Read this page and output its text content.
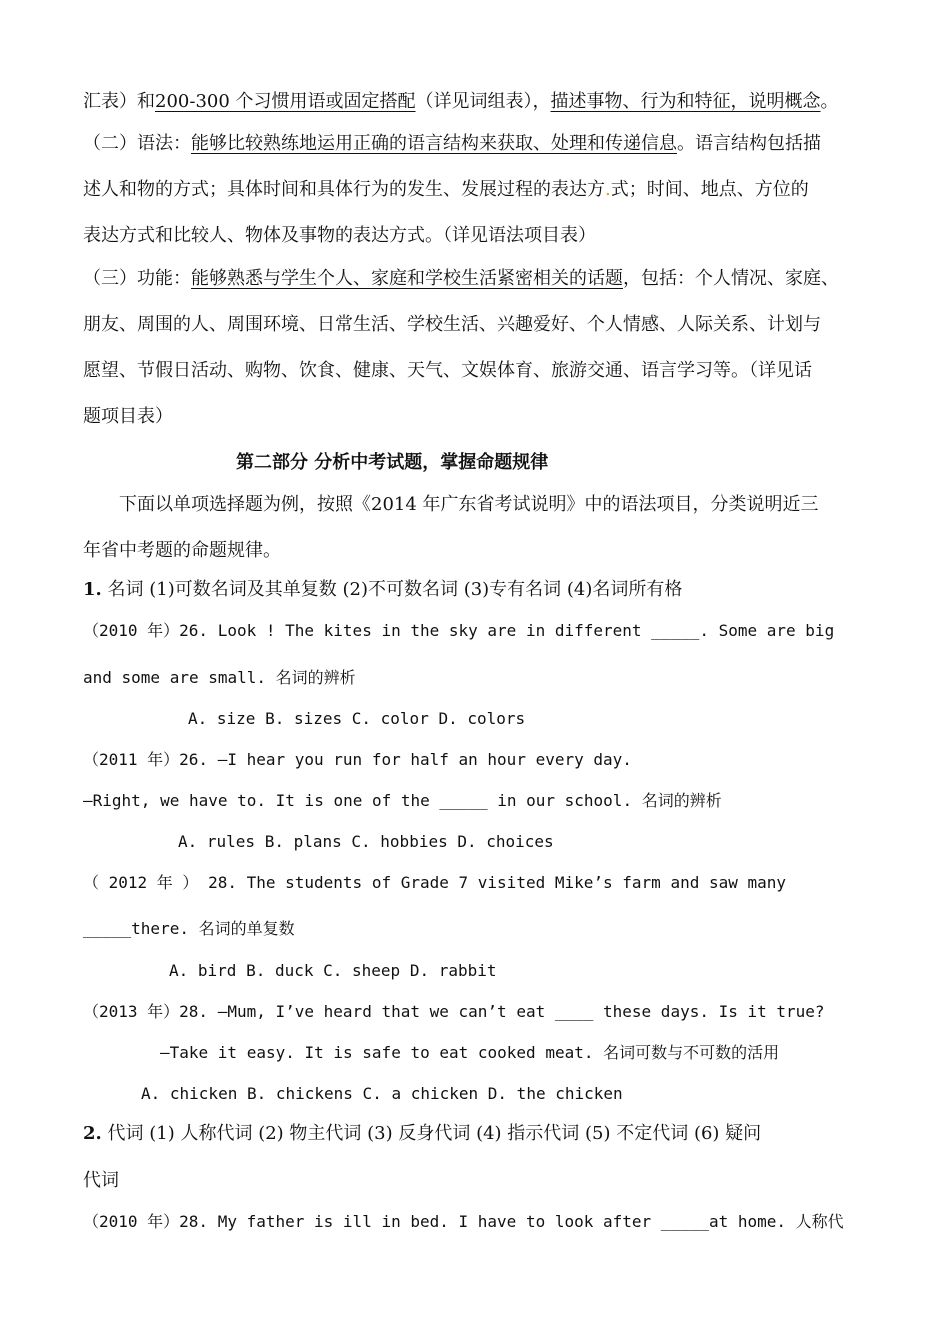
汇表）和200-300 个习惯用语或固定搭配（详见词组表），描述事物、行为和特征，说明概念。
（二）语法：能够比较熟练地运用正确的语言结构来获取、处理和传递信息。语言结构包括描
述人和物的方式；具体时间和具体行为的发生、发展过程的表达方.式；时间、地点、方位的
表达方式和比较人、物体及事物的表达方式。（详见语法项目表）
（三）功能：能够熟悉与学生个人、家庭和学校生活紧密相关的话题，包括：个人情况、家庭、
朋友、周围的人、周围环境、日常生活、学校生活、兴趣爱好、个人情感、人际关系、计划与
愿望、节假日活动、购物、饮食、健康、天气、文娱体育、旅游交通、语言学习等。（详见话
题项目表）
第二部分 分析中考试题，掌握命题规律
下面以单项选择题为例，按照《2014 年广东省考试说明》中的语法项目，分类说明近三
年省中考题的命题规律。
1. 名词 (1)可数名词及其单复数 (2)不可数名词 (3)专有名词 (4)名词所有格
（2010 年）26. Look ! The kites in the sky are in different _____. Some are big
and some are small. 名词的辨析
A. size B. sizes C. color D. colors
（2011 年）26. —I hear you run for half an hour every day.
—Right, we have to. It is one of the _____ in our school. 名词的辨析
A. rules B. plans C. hobbies D. choices
（ 2012 年 ） 28. The students of Grade 7 visited Mike’s farm and saw many
_____there. 名词的单复数
A. bird B. duck C. sheep D. rabbit
（2013 年）28. —Mum, I’ve heard that we can’t eat ____ these days. Is it true?
—Take it easy. It is safe to eat cooked meat. 名词可数与不可数的活用
A. chicken B. chickens C. a chicken D. the chicken
2. 代词 (1) 人称代词 (2) 物主代词 (3) 反身代词 (4) 指示代词 (5) 不定代词 (6) 疑问
代词
（2010 年）28. My father is ill in bed. I have to look after _____at home. 人称代
